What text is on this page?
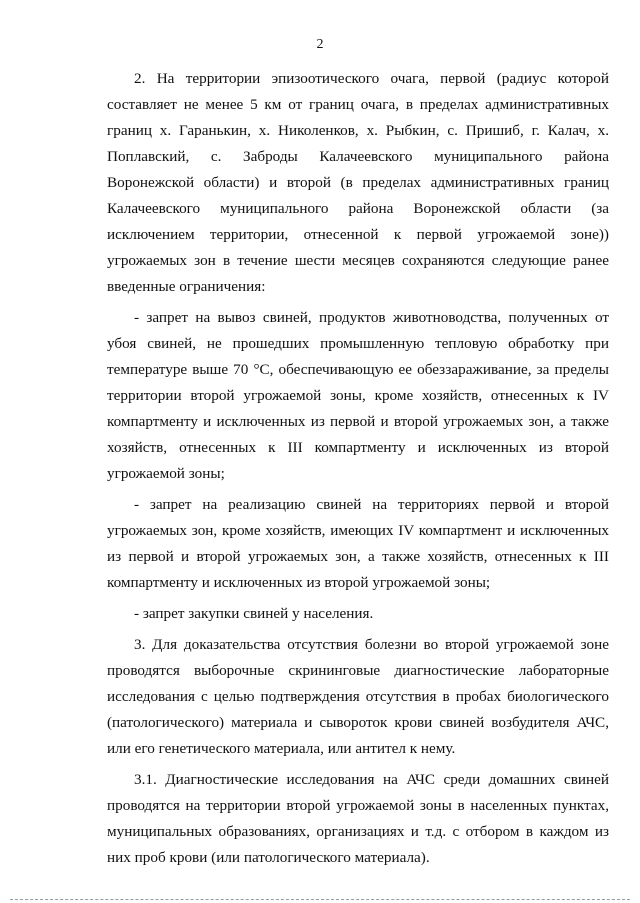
2

2. На территории эпизоотического очага, первой (радиус которой составляет не менее 5 км от границ очага, в пределах административных границ х. Гаранькин, х. Николенков, х. Рыбкин, с. Пришиб, г. Калач, х. Поплавский, с. Заброды Калачеевского муниципального района Воронежской области) и второй (в пределах административных границ Калачеевского муниципального района Воронежской области (за исключением территории, отнесенной к первой угрожаемой зоне)) угрожаемых зон в течение шести месяцев сохраняются следующие ранее введенные ограничения:

- запрет на вывоз свиней, продуктов животноводства, полученных от убоя свиней, не прошедших промышленную тепловую обработку при температуре выше 70 °С, обеспечивающую ее обеззараживание, за пределы территории второй угрожаемой зоны, кроме хозяйств, отнесенных к IV компартменту и исключенных из первой и второй угрожаемых зон, а также хозяйств, отнесенных к III компартменту и исключенных из второй угрожаемой зоны;

- запрет на реализацию свиней на территориях первой и второй угрожаемых зон, кроме хозяйств, имеющих IV компартмент и исключенных из первой и второй угрожаемых зон, а также хозяйств, отнесенных к III компартменту и исключенных из второй угрожаемой зоны;

- запрет закупки свиней у населения.

3. Для доказательства отсутствия болезни во второй угрожаемой зоне проводятся выборочные скрининговые диагностические лабораторные исследования с целью подтверждения отсутствия в пробах биологического (патологического) материала и сывороток крови свиней возбудителя АЧС, или его генетического материала, или антител к нему.

3.1. Диагностические исследования на АЧС среди домашних свиней проводятся на территории второй угрожаемой зоны в населенных пунктах, муниципальных образованиях, организациях и т.д. с отбором в каждом из них проб крови (или патологического материала).
